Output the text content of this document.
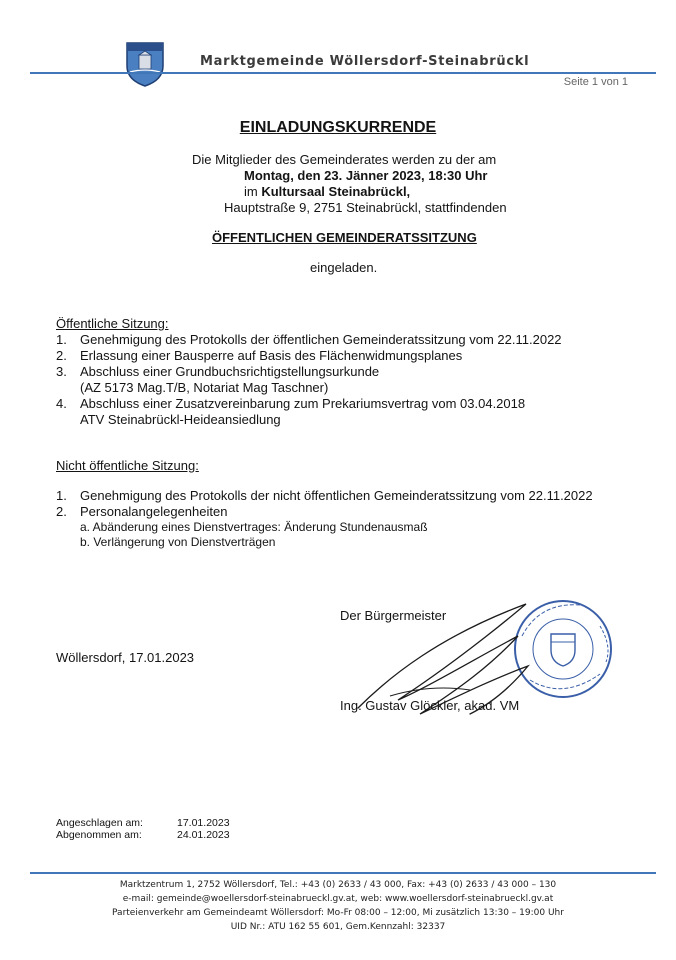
Marktgemeinde Wöllersdorf-Steinabrückl
Seite 1 von 1
EINLADUNGSKURRENDE
Die Mitglieder des Gemeinderates werden zu der am
Montag, den 23. Jänner 2023, 18:30 Uhr
im Kultursaal Steinabrückl,
Hauptstraße 9, 2751 Steinabrückl, stattfindenden
ÖFFENTLICHEN GEMEINDERATSSITZUNG
eingeladen.
Öffentliche Sitzung:
1. Genehmigung des Protokolls der öffentlichen Gemeinderatssitzung vom 22.11.2022
2. Erlassung einer Bausperre auf Basis des Flächenwidmungsplanes
3. Abschluss einer Grundbuchsrichtigstellungsurkunde
(AZ 5173 Mag.T/B, Notariat Mag Taschner)
4. Abschluss einer Zusatzvereinbarung zum Prekariumsvertrag vom 03.04.2018
ATV Steinabrückl-Heideansiedlung
Nicht öffentliche Sitzung:
1. Genehmigung des Protokolls der nicht öffentlichen Gemeinderatssitzung vom 22.11.2022
2. Personalangelegenheiten
a. Abänderung eines Dienstvertrages: Änderung Stundenausmaß
b. Verlängerung von Dienstverträgen
Der Bürgermeister
Wöllersdorf, 17.01.2023
Ing. Gustav Glöckler, akad. VM
Angeschlagen am:	17.01.2023
Abgenommen am:	24.01.2023
Marktzentrum 1, 2752 Wöllersdorf, Tel.: +43 (0) 2633 / 43 000, Fax: +43 (0) 2633 / 43 000 – 130
e-mail: gemeinde@woellersdorf-steinabrueckl.gv.at, web: www.woellersdorf-steinabrueckl.gv.at
Parteienverkehr am Gemeindeamt Wöllersdorf: Mo-Fr 08:00 – 12:00, Mi zusätzlich 13:30 – 19:00 Uhr
UID Nr.: ATU 162 55 601, Gem.Kennzahl: 32337
